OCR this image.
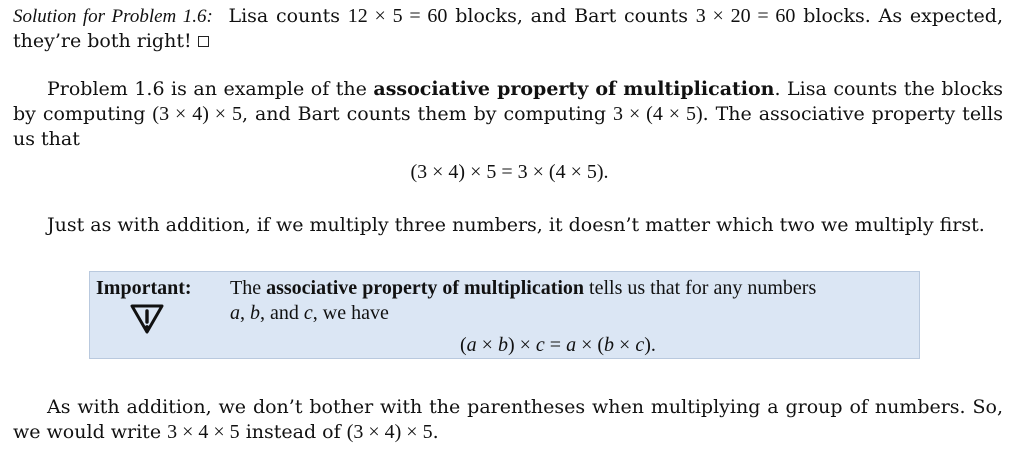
Solution for Problem 1.6: Lisa counts 12 × 5 = 60 blocks, and Bart counts 3 × 20 = 60 blocks. As expected, they’re both right!
Problem 1.6 is an example of the associative property of multiplication. Lisa counts the blocks by computing (3 × 4) × 5, and Bart counts them by computing 3 × (4 × 5). The associative property tells us that
(3 × 4) × 5 = 3 × (4 × 5).
Just as with addition, if we multiply three numbers, it doesn’t matter which two we multiply first.
Important: The associative property of multiplication tells us that for any numbers
a, b, and c, we have
(a × b) × c = a × (b × c).
As with addition, we don’t bother with the parentheses when multiplying a group of numbers. So, we would write 3 × 4 × 5 instead of (3 × 4) × 5.
